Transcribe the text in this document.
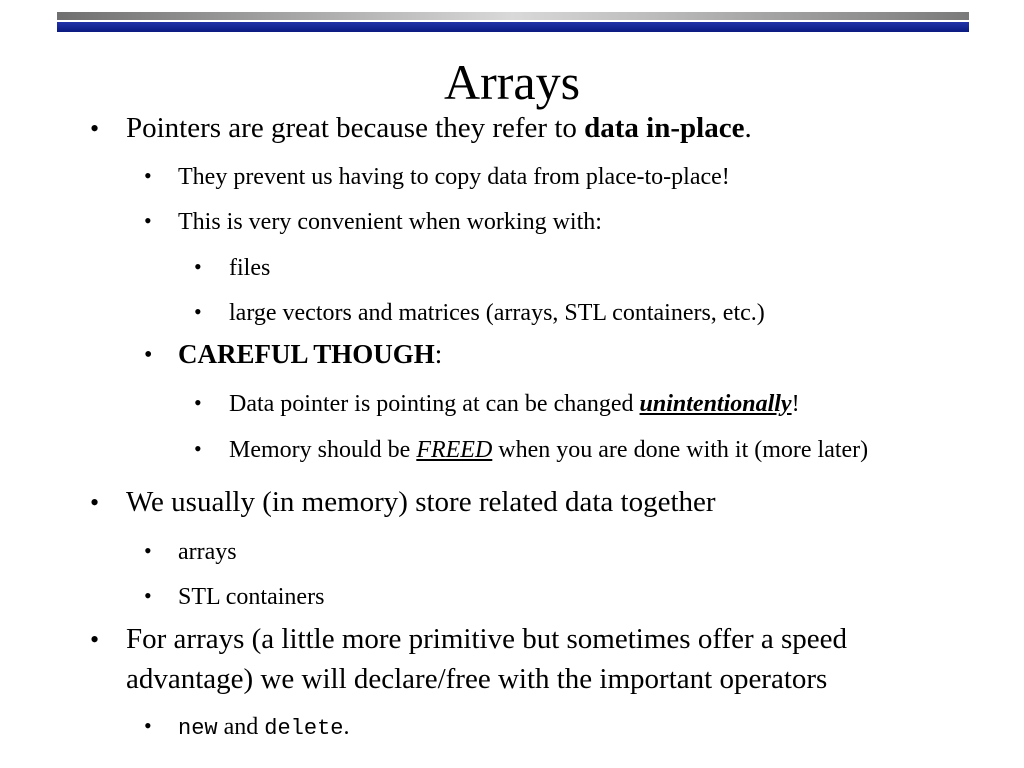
Arrays
• Pointers are great because they refer to data in-place.
• They prevent us having to copy data from place-to-place!
• This is very convenient when working with:
• files
• large vectors and matrices (arrays, STL containers, etc.)
• CAREFUL THOUGH:
• Data pointer is pointing at can be changed unintentionally!
• Memory should be FREED when you are done with it (more later)
• We usually (in memory) store related data together
• arrays
• STL containers
• For arrays (a little more primitive but sometimes offer a speed
advantage) we will declare/free with the important operators
• new and delete.
